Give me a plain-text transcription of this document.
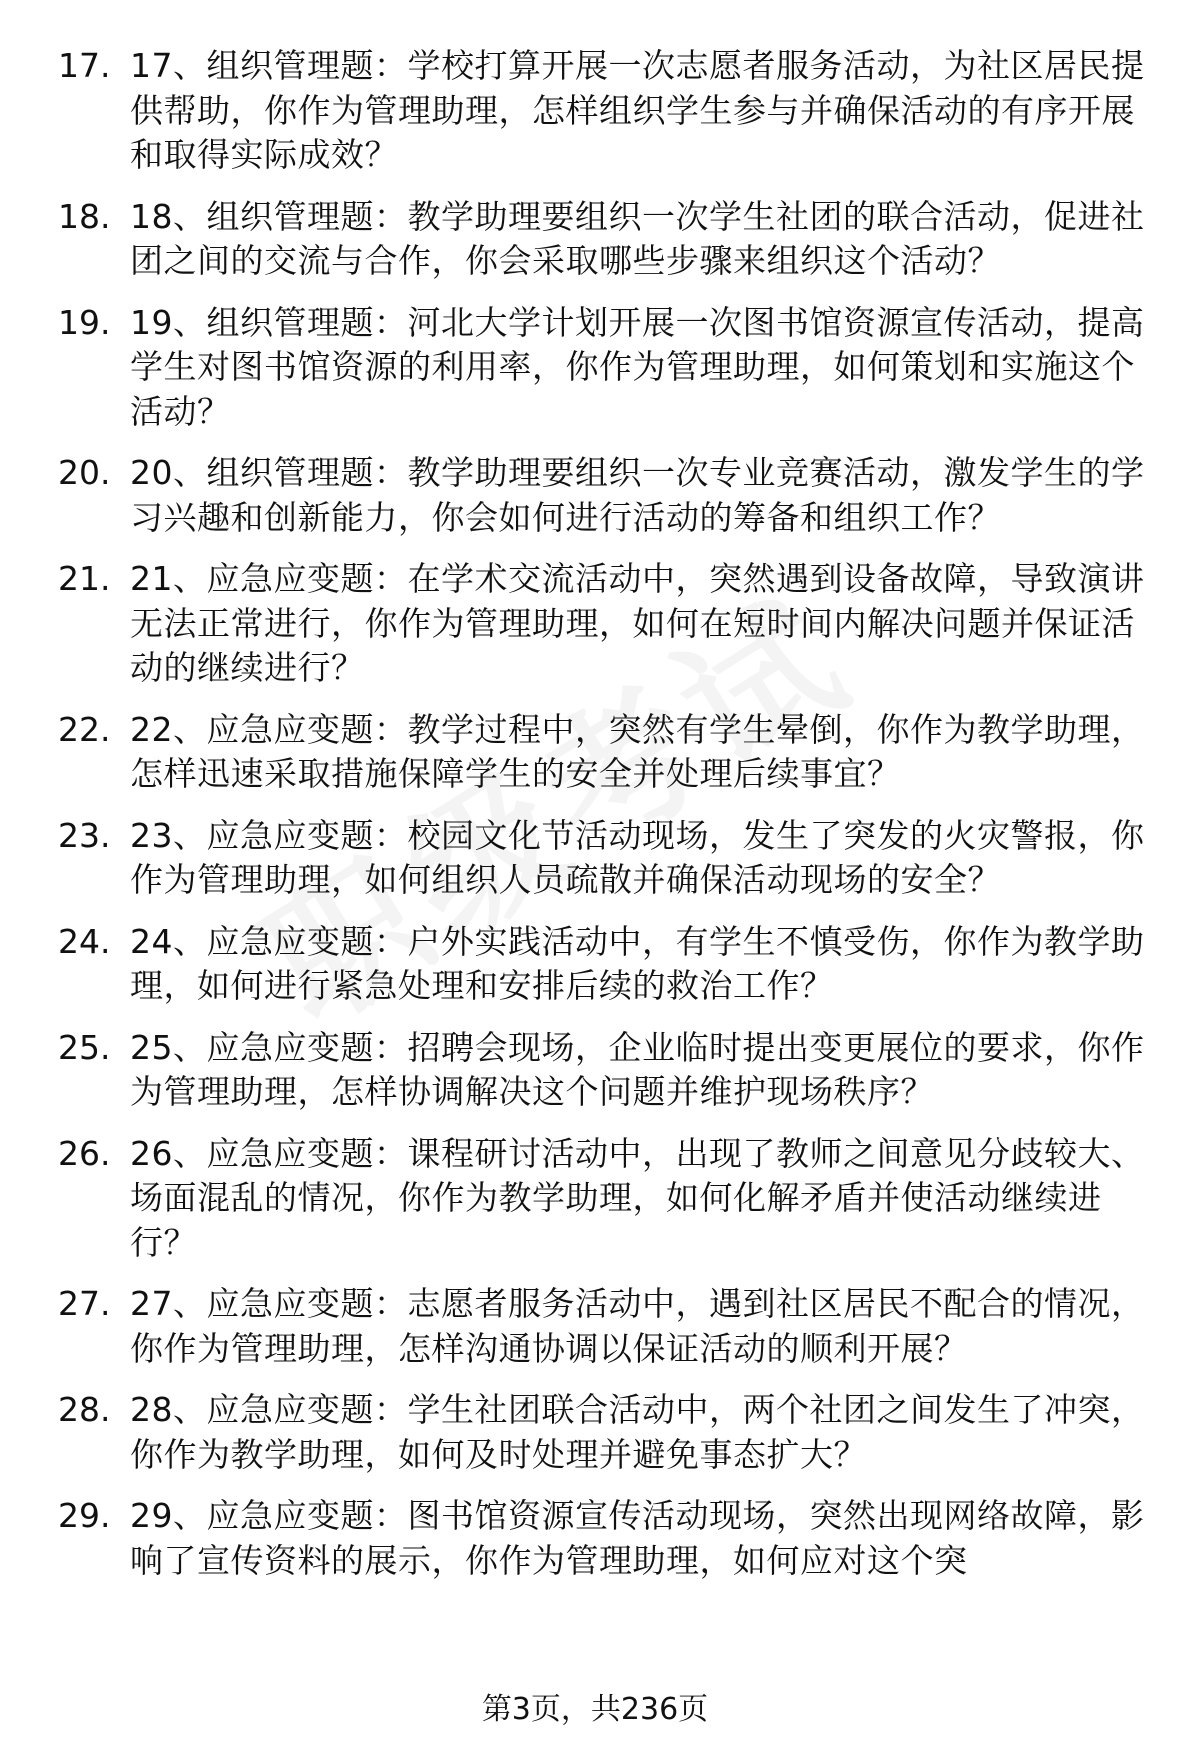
17. 17、组织管理题：学校打算开展一次志愿者服务活动，为社区居民提供帮助，你作为管理助理，怎样组织学生参与并确保活动的有序开展和取得实际成效？
18. 18、组织管理题：教学助理要组织一次学生社团的联合活动，促进社团之间的交流与合作，你会采取哪些步骤来组织这个活动？
19. 19、组织管理题：河北大学计划开展一次图书馆资源宣传活动，提高学生对图书馆资源的利用率，你作为管理助理，如何策划和实施这个活动？
20. 20、组织管理题：教学助理要组织一次专业竞赛活动，激发学生的学习兴趣和创新能力，你会如何进行活动的筹备和组织工作？
21. 21、应急应变题：在学术交流活动中，突然遇到设备故障，导致演讲无法正常进行，你作为管理助理，如何在短时间内解决问题并保证活动的继续进行？
22. 22、应急应变题：教学过程中，突然有学生晕倒，你作为教学助理，怎样迅速采取措施保障学生的安全并处理后续事宜？
23. 23、应急应变题：校园文化节活动现场，发生了突发的火灾警报，你作为管理助理，如何组织人员疏散并确保活动现场的安全？
24. 24、应急应变题：户外实践活动中，有学生不慎受伤，你作为教学助理，如何进行紧急处理和安排后续的救治工作？
25. 25、应急应变题：招聘会现场，企业临时提出变更展位的要求，你作为管理助理，怎样协调解决这个问题并维护现场秩序？
26. 26、应急应变题：课程研讨活动中，出现了教师之间意见分歧较大、场面混乱的情况，你作为教学助理，如何化解矛盾并使活动继续进行？
27. 27、应急应变题：志愿者服务活动中，遇到社区居民不配合的情况，你作为管理助理，怎样沟通协调以保证活动的顺利开展？
28. 28、应急应变题：学生社团联合活动中，两个社团之间发生了冲突，你作为教学助理，如何及时处理并避免事态扩大？
29. 29、应急应变题：图书馆资源宣传活动现场，突然出现网络故障，影响了宣传资料的展示，你作为管理助理，如何应对这个突
第3页，共236页
